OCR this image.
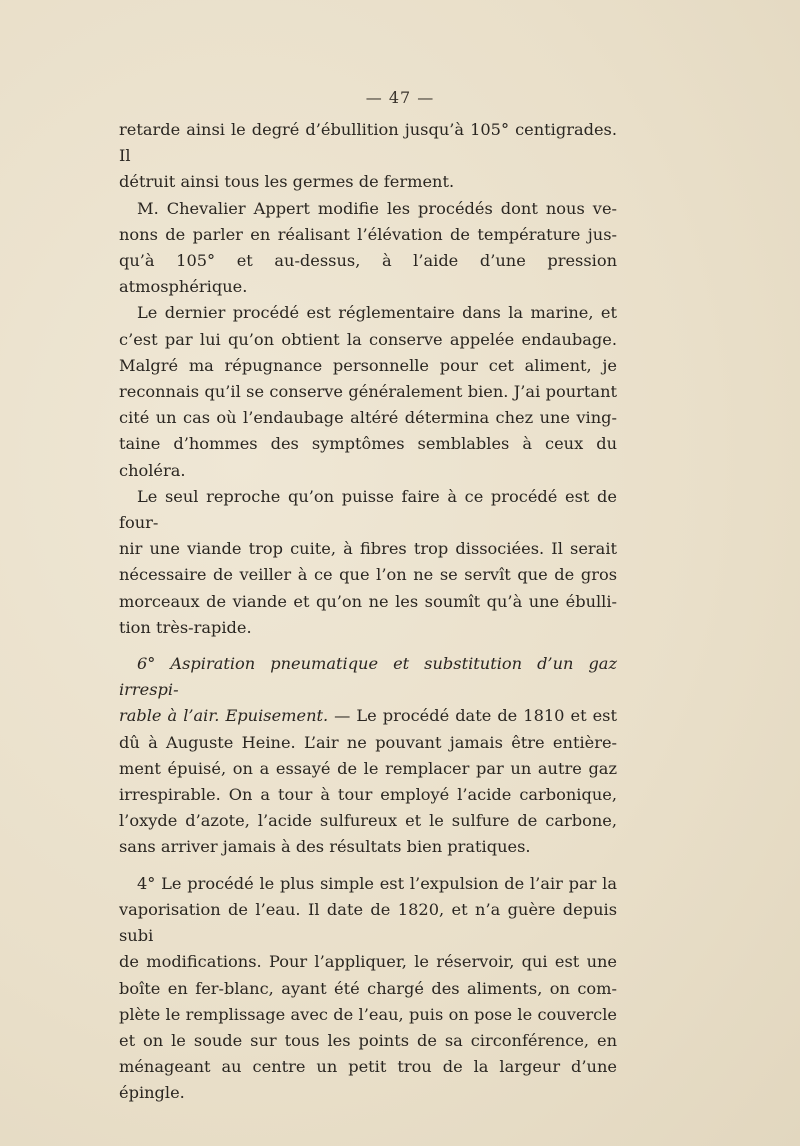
— 47 —

retarde ainsi le degré d’ébullition jusqu’à 105° centigrades. Il
détruit ainsi tous les germes de ferment.

M. Chevalier Appert modifie les procédés dont nous ve-
nons de parler en réalisant l’élévation de température jus-
qu’à 105° et au-dessus, à l’aide d’une pression atmosphérique.

Le dernier procédé est réglementaire dans la marine, et
c’est par lui qu’on obtient la conserve appelée endaubage.
Malgré ma répugnance personnelle pour cet aliment, je
reconnais qu’il se conserve généralement bien. J’ai pourtant
cité un cas où l’endaubage altéré détermina chez une ving-
taine d’hommes des symptômes semblables à ceux du
choléra.

Le seul reproche qu’on puisse faire à ce procédé est de four-
nir une viande trop cuite, à fibres trop dissociées. Il serait
nécessaire de veiller à ce que l’on ne se servît que de gros
morceaux de viande et qu’on ne les soumît qu’à une ébulli-
tion très-rapide.

6° Aspiration pneumatique et substitution d’un gaz irrespi-
rable à l’air. Epuisement. — Le procédé date de 1810 et est
dû à Auguste Heine. L’air ne pouvant jamais être entière-
ment épuisé, on a essayé de le remplacer par un autre gaz
irrespirable. On a tour à tour employé l’acide carbonique,
l’oxyde d’azote, l’acide sulfureux et le sulfure de carbone,
sans arriver jamais à des résultats bien pratiques.

4° Le procédé le plus simple est l’expulsion de l’air par la
vaporisation de l’eau. Il date de 1820, et n’a guère depuis subi
de modifications. Pour l’appliquer, le réservoir, qui est une
boîte en fer-blanc, ayant été chargé des aliments, on com-
plète le remplissage avec de l’eau, puis on pose le couvercle
et on le soude sur tous les points de sa circonférence, en
ménageant au centre un petit trou de la largeur d’une épingle.
